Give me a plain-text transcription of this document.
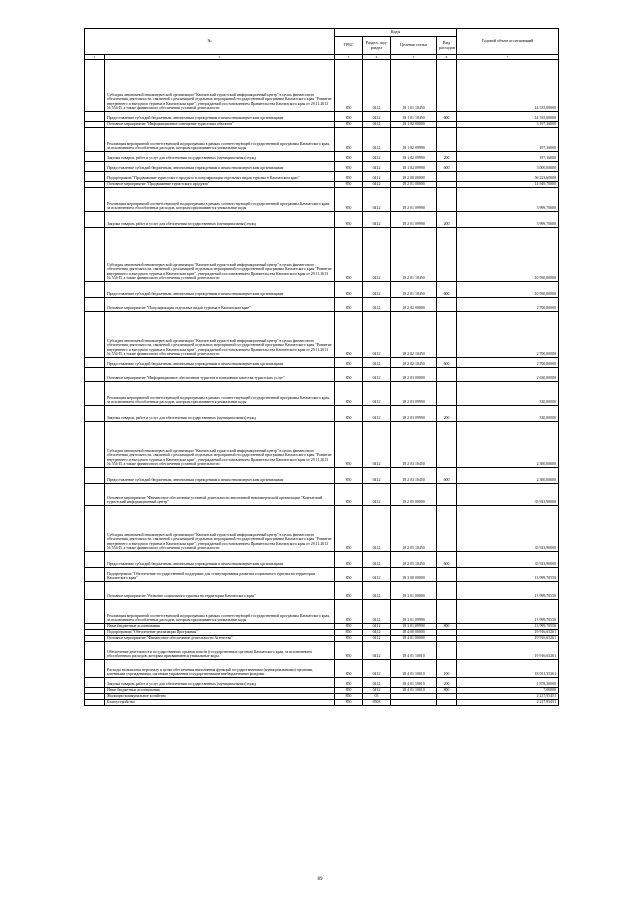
№		Коды				Годовой объем ассигнований
		ГРБС	Раздел, под-раздел	Целевая статья	Вид расходов	
1	2	3	4	5	6	7
	Субсидия автономной некоммерческой организации "Камчатский туристский информационный центр" в целях финансового обеспечения деятельности, связанной с реализацией отдельных мероприятий государственной программы Камчатского края "Развитие внутреннего и въездного туризма в Камчатском крае", утверждаемой постановлением Правительства Камчатского края от 29.11.2013 № 554-П, а также финансового обеспечения уставной деятельности	850	0412	18 1 01 10450		14 535,00000
	Предоставление субсидий бюджетным, автономным учреждениям и иным некоммерческим организациям	850	0412	18 1 01 10450	600	14 535,00000
	Основное мероприятие "Информационное освещение туристских объектов"	850	0412	18 1 02 00000		3 197,16000
	Реализация мероприятий соответствующей подпрограммы в рамках соответствующей государственной программы Камчатского края, за исключением обособленных расходов, которым присваиваются уникальные коды	850	0412	18 1 02 09990		197,16000
	Закупка товаров, работ и услуг для обеспечения государственных (муниципальных) нужд	850	0412	18 1 02 09990	200	197,16000
	Предоставление субсидий бюджетным, автономным учреждениям и иным некоммерческим организациям	850	0412	18 1 02 09990	600	3 000,00000
	Подпрограмма "Продвижение туристского продукта и популяризация отдельных видов туризма в Камчатском крае"	850	0412	18 2 00 00000		56 223,60000
	Основное мероприятие "Продвижение туристского продукта"	850	0412	18 2 01 00000		14 949,70000
	Реализация мероприятий соответствующей подпрограммы в рамках соответствующей государственной программы Камчатского края, за исключением обособленных расходов, которым присваиваются уникальные коды	850	0412	18 2 01 09990		3 999,70000
	Закупка товаров, работ и услуг для обеспечения государственных (муниципальных) нужд	850	0412	18 2 01 09990	200	3 999,70000
	Субсидия автономной некоммерческой организации "Камчатский туристский информационный центр" в целях финансового обеспечения деятельности, связанной с реализацией отдельных мероприятий государственной программы Камчатского края "Развитие внутреннего и въездного туризма в Камчатском крае", утверждаемой постановлением Правительства Камчатского края от 29.11.2013 № 554-П, а также финансового обеспечения уставной деятельности	850	0412	18 2 01 10450		10 950,00000
	Предоставление субсидий бюджетным, автономным учреждениям и иным некоммерческим организациям	850	0412	18 2 01 10450	600	10 950,00000
	Основное мероприятие "Популяризация отдельных видов туризма в Камчатском крае"	850	0412	18 2 02 00000		2 700,00000
	Субсидия автономной некоммерческой организации "Камчатский туристский информационный центр" в целях финансового обеспечения деятельности, связанной с реализацией отдельных мероприятий государственной программы Камчатского края "Развитие внутреннего и въездного туризма в Камчатском крае", утверждаемой постановлением Правительства Камчатского края от 29.11.2013 № 554-П, а также финансового обеспечения уставной деятельности	850	0412	18 2 02 10450		2 700,00000
	Предоставление субсидий бюджетным, автономным учреждениям и иным некоммерческим организациям	850	0412	18 2 02 10450	600	2 700,00000
	Основное мероприятие "Информационное обеспечение туристов и повышение качества туристских услуг"	850	0412	18 2 03 00000		2 630,00000
	Реализация мероприятий соответствующей подпрограммы в рамках соответствующей государственной программы Камчатского края, за исключением обособленных расходов, которым присваиваются уникальные коды	850	0412	18 2 03 09990		330,00000
	Закупка товаров, работ и услуг для обеспечения государственных (муниципальных) нужд	850	0412	18 2 03 09990	200	330,00000
	Субсидия автономной некоммерческой организации "Камчатский туристский информационный центр" в целях финансового обеспечения деятельности, связанной с реализацией отдельных мероприятий государственной программы Камчатского края "Развитие внутреннего и въездного туризма в Камчатском крае", утверждаемой постановлением Правительства Камчатского края от 29.11.2013 № 554-П, а также финансового обеспечения уставной деятельности	850	0412	18 2 03 10450		2 300,00000
	Предоставление субсидий бюджетным, автономным учреждениям и иным некоммерческим организациям	850	0412	18 2 03 10450	600	2 300,00000
	Основное мероприятие "Финансовое обеспечение уставной деятельности автономной некоммерческой организации "Камчатский туристский информационный центр"	850	0412	18 2 05 00000		35 923,90000
	Субсидия автономной некоммерческой организации "Камчатский туристский информационный центр" в целях финансового обеспечения деятельности, связанной с реализацией отдельных мероприятий государственной программы Камчатского края "Развитие внутреннего и въездного туризма в Камчатском крае", утверждаемой постановлением Правительства Камчатского края от 29.11.2013 № 554-П, а также финансового обеспечения уставной деятельности	850	0412	18 2 05 10450		35 923,90000
	Предоставление субсидий бюджетным, автономным учреждениям и иным некоммерческим организациям	850	0412	18 2 05 10450	600	35 923,90000
	Подпрограмма "Обеспечение государственной поддержки для стимулирования развития социального туризма на территории Камчатского края"	850	0412	18 3 00 00000		13 999,70550
	Основное мероприятие "Развитие социального туризма на территории Камчатского края"	850	0412	18 3 01 00000		13 999,70550
	Реализация мероприятий соответствующей подпрограммы в рамках соответствующей государственной программы Камчатского края, за исключением обособленных расходов, которым присваиваются уникальные коды	850	0412	18 3 01 09990		13 999,70550
	Иные бюджетные ассигнования	850	0412	18 3 01 09990	800	13 999,70550
	Подпрограмма "Обеспечение реализации Программы"	850	0412	18 4 00 00000		19 916,65261
	Основное мероприятие "Финансовое обеспечение деятельности Агентства"	850	0412	18 4 01 00000		19 916,65261
	Обеспечение деятельности государственных органов власти (государственных органов) Камчатского края, за исключением обособленных расходов, которым присваиваются уникальные коды	850	0412	18 4 01 10010		19 916,65261
	Расходы на выплаты персоналу в целях обеспечения выполнения функций государственными (муниципальными) органами, казенными учреждениями, органами управления государственными внебюджетными фондами	850	0412	18 4 01 10010	100	18 031,35261
	Закупка товаров, работ и услуг для обеспечения государственных (муниципальных) нужд	850	0412	18 4 01 10010	200	1 878,30000
	Иные бюджетные ассигнования	850	0412	18 4 01 10010	800	7,00000
	Жилищно-коммунальное хозяйство	850	05			2 217,95451
	Благоустройство	850	0503			2 217,95451
89
